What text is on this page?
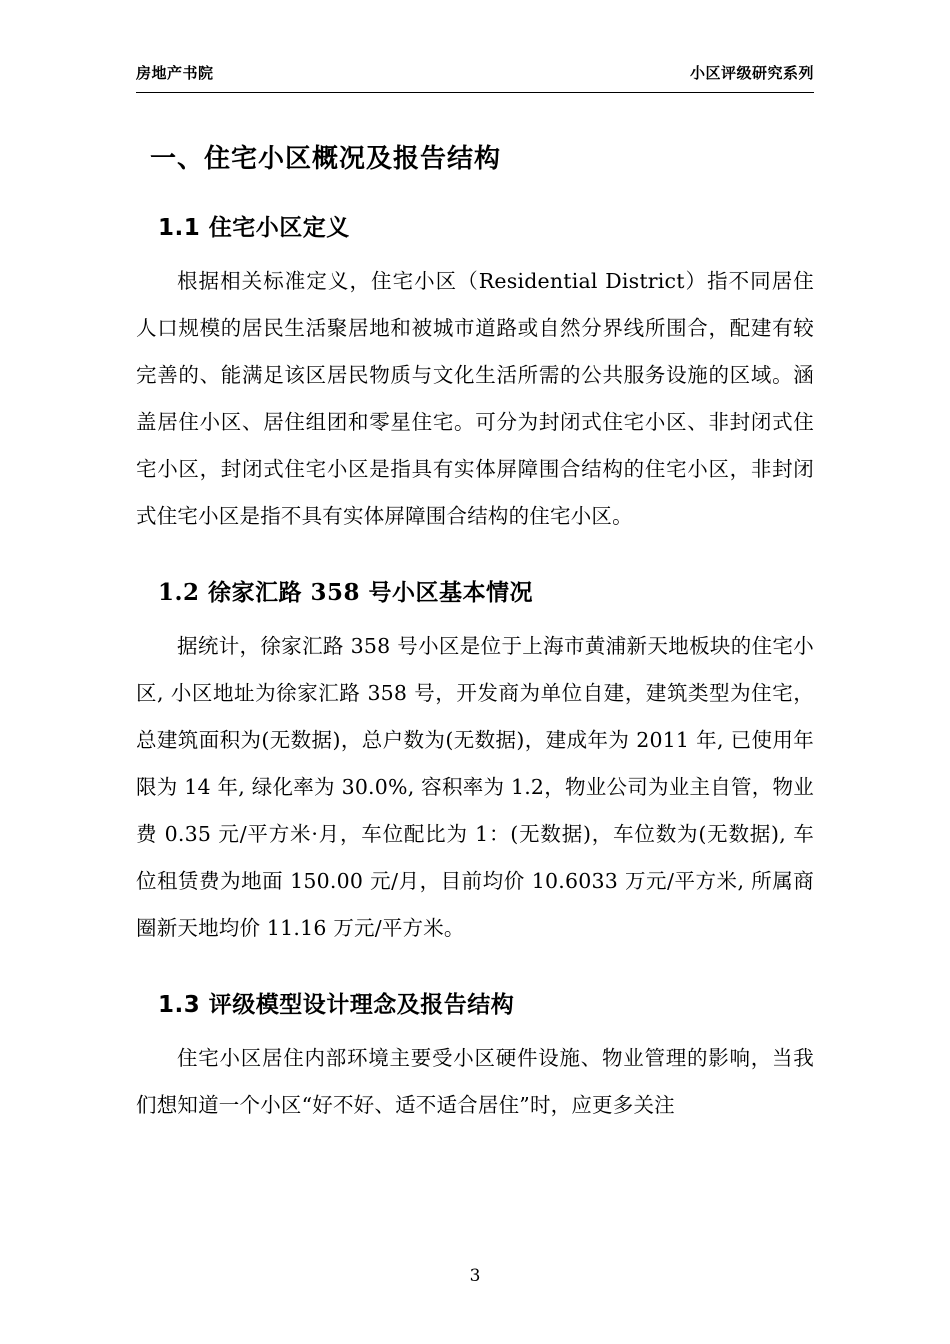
房地产书院	小区评级研究系列
一、住宅小区概况及报告结构
1.1 住宅小区定义

根据相关标准定义，住宅小区（Residential District）指不同居住人口规模的居民生活聚居地和被城市道路或自然分界线所围合，配建有较完善的、能满足该区居民物质与文化生活所需的公共服务设施的区域。涵盖居住小区、居住组团和零星住宅。可分为封闭式住宅小区、非封闭式住宅小区，封闭式住宅小区是指具有实体屏障围合结构的住宅小区，非封闭式住宅小区是指不具有实体屏障围合结构的住宅小区。

1.2 徐家汇路 358 号小区基本情况

据统计，徐家汇路 358 号小区是位于上海市黄浦新天地板块的住宅小区, 小区地址为徐家汇路 358 号，开发商为单位自建，建筑类型为住宅，总建筑面积为(无数据)，总户数为(无数据)，建成年为 2011 年, 已使用年限为 14 年, 绿化率为 30.0%, 容积率为 1.2，物业公司为业主自管，物业费 0.35 元/平方米·月，车位配比为 1：(无数据)，车位数为(无数据), 车位租赁费为地面 150.00 元/月，目前均价 10.6033 万元/平方米, 所属商圈新天地均价 11.16 万元/平方米。

1.3 评级模型设计理念及报告结构

住宅小区居住内部环境主要受小区硬件设施、物业管理的影响，当我们想知道一个小区“好不好、适不适合居住”时，应更多关注

3
